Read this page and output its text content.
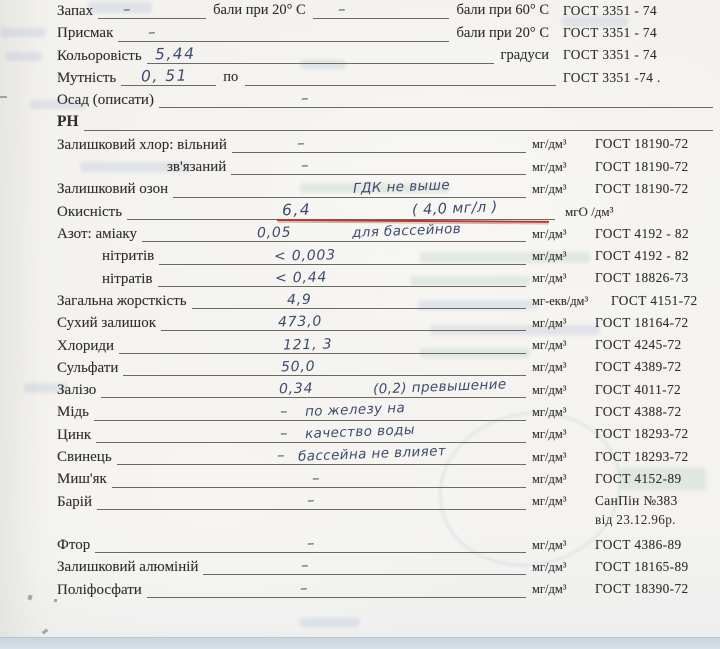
Запах	–	бали при 20° С	–	бали при 60° С	ГОСТ 3351 - 74
Присмак	–	бали при 20° С	ГОСТ 3351 - 74
Кольоровість 5,44	градуси	ГОСТ 3351 - 74
Мутність	0, 51	по	ГОСТ 3351 -74 .
Осад (описати)	–
РН
Залишковий хлор: вільний	–	мг/дм³	ГОСТ 18190-72
зв'язаний	–	мг/дм³	ГОСТ 18190-72
Залишковий озон	ГДК не выше	мг/дм³	ГОСТ 18190-72
Окисність	6,4	( 4,0 мг/л )	мгО /дм³
Азот: аміаку	0,05	для бассейнов	мг/дм³	ГОСТ 4192 - 82
нітритів	< 0,003	мг/дм³	ГОСТ 4192 - 82
нітратів	< 0,44	мг/дм³	ГОСТ 18826-73
Загальна жорсткість	4,9	мг-екв/дм³	ГОСТ 4151-72
Сухий залишок	473,0	мг/дм³	ГОСТ 18164-72
Хлориди	121, 3	мг/дм³	ГОСТ 4245-72
Сульфати	50,0	мг/дм³	ГОСТ 4389-72
Залізо	0,34	(0,2) превышение	мг/дм³	ГОСТ 4011-72
Мідь	– по железу на	мг/дм³	ГОСТ 4388-72
Цинк	– качество воды	мг/дм³	ГОСТ 18293-72
Свинець	– бассейна не влияет	мг/дм³	ГОСТ 18293-72
Миш'як	–	мг/дм³	ГОСТ 4152-89
Барій	–	мг/дм³	СанПін №383
від 23.12.96р.
Фтор	–	мг/дм³	ГОСТ 4386-89
Залишковий алюміній	–	мг/дм³	ГОСТ 18165-89
Поліфосфати	–	мг/дм³	ГОСТ 18390-72
